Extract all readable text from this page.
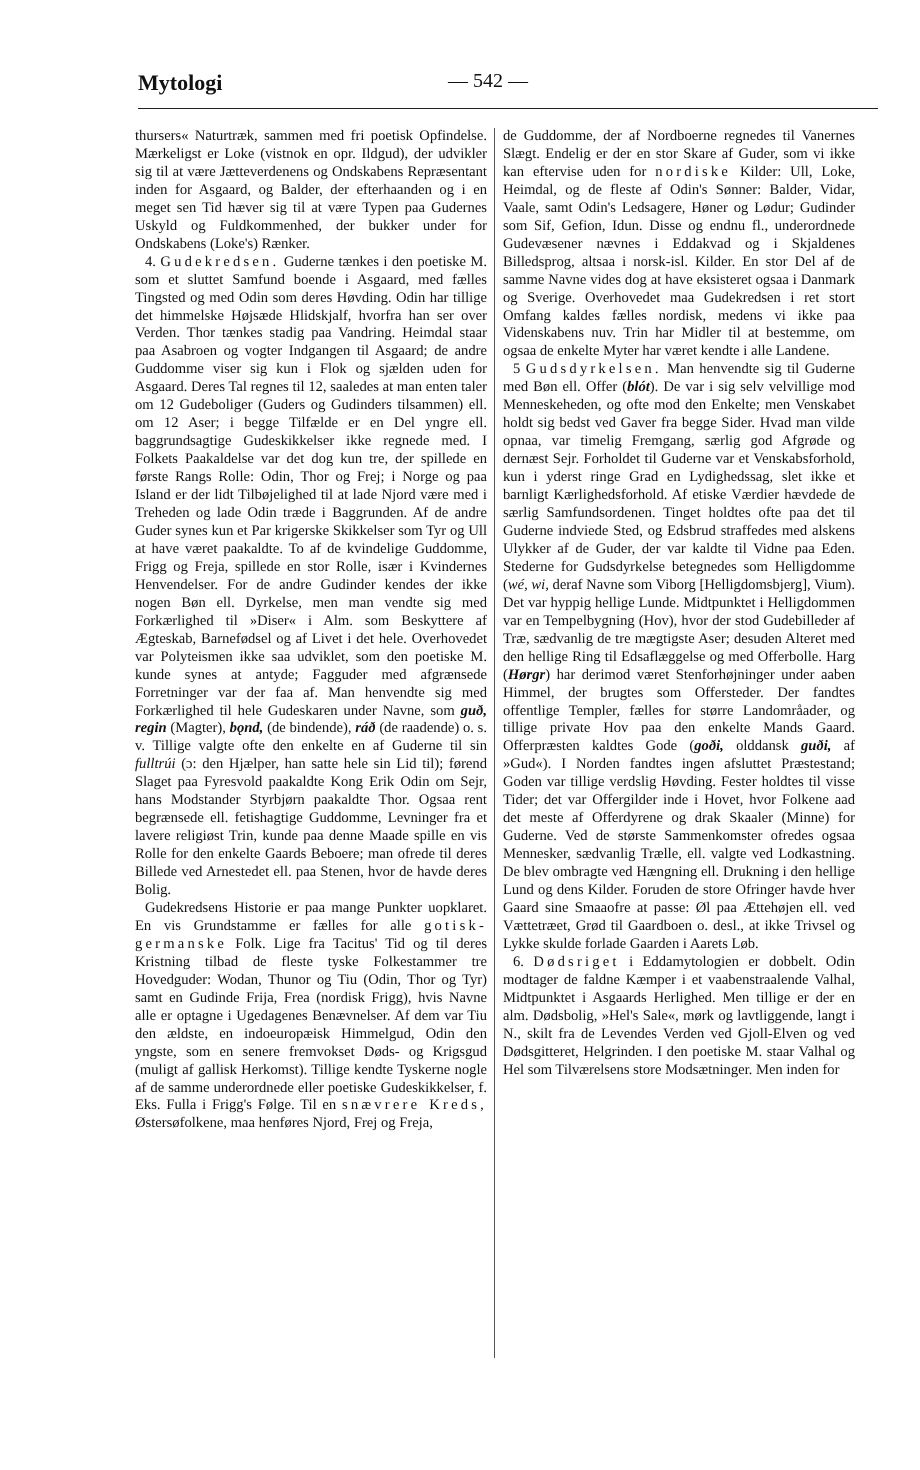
Mytologi	— 542 —

thursers« Naturtræk, sammen med fri poetisk Opfindelse. Mærkeligst er Loke (vistnok en opr. Ildgud), der udvikler sig til at være Jætteverdenens og Ondskabens Repræsentant inden for Asgaard, og Balder, der efterhaanden og i en meget sen Tid hæver sig til at være Typen paa Gudernes Uskyld og Fuldkommenhed, der bukker under for Ondskabens (Loke's) Rænker.

4. Gudekredsen. Guderne tænkes i den poetiske M. som et sluttet Samfund boende i Asgaard, med fælles Tingsted og med Odin som deres Høvding. Odin har tillige det himmelske Højsæde Hlidskjalf, hvorfra han ser over Verden. Thor tænkes stadig paa Vandring. Heimdal staar paa Asabroen og vogter Indgangen til Asgaard; de andre Guddomme viser sig kun i Flok og sjælden uden for Asgaard. Deres Tal regnes til 12, saaledes at man enten taler om 12 Gudeboliger (Guders og Gudinders tilsammen) ell. om 12 Aser; i begge Tilfælde er en Del yngre ell. baggrundsagtige Gudeskikkelser ikke regnede med. I Folkets Paakaldelse var det dog kun tre, der spillede en første Rangs Rolle: Odin, Thor og Frej; i Norge og paa Island er der lidt Tilbøjelighed til at lade Njord være med i Treheden og lade Odin træde i Baggrunden. Af de andre Guder synes kun et Par krigerske Skikkelser som Tyr og Ull at have været paakaldte. To af de kvindelige Guddomme, Frigg og Freja, spillede en stor Rolle, især i Kvindernes Henvendelser. For de andre Gudinder kendes der ikke nogen Bøn ell. Dyrkelse, men man vendte sig med Forkærlighed til »Diser« i Alm. som Beskyttere af Ægteskab, Barnefødsel og af Livet i det hele. Overhovedet var Polyteismen ikke saa udviklet, som den poetiske M. kunde synes at antyde; Fagguder med afgrænsede Forretninger var der faa af. Man henvendte sig med Forkærlighed til hele Gudeskaren under Navne, som guð, regin (Magter), bǫnd, (de bindende), ráð (de raadende) o. s. v. Tillige valgte ofte den enkelte en af Guderne til sin fulltrúi (ɔ: den Hjælper, han satte hele sin Lid til); førend Slaget paa Fyresvold paakaldte Kong Erik Odin om Sejr, hans Modstander Styrbjørn paakaldte Thor. Ogsaa rent begrænsede ell. fetishagtige Guddomme, Levninger fra et lavere religiøst Trin, kunde paa denne Maade spille en vis Rolle for den enkelte Gaards Beboere; man ofrede til deres Billede ved Arnestedet ell. paa Stenen, hvor de havde deres Bolig.

Gudekredsens Historie er paa mange Punkter uopklaret. En vis Grundstamme er fælles for alle gotisk-germanske Folk. Lige fra Tacitus' Tid og til deres Kristning tilbad de fleste tyske Folkestammer tre Hovedguder: Wodan, Thunor og Tiu (Odin, Thor og Tyr) samt en Gudinde Frija, Frea (nordisk Frigg), hvis Navne alle er optagne i Ugedagenes Benævnelser. Af dem var Tiu den ældste, en indoeuropæisk Himmelgud, Odin den yngste, som en senere fremvokset Døds- og Krigsgud (muligt af gallisk Herkomst). Tillige kendte Tyskerne nogle af de samme underordnede eller poetiske Gudeskikkelser, f. Eks. Fulla i Frigg's Følge. Til en snævrere Kreds, Østersøfolkene, maa henføres Njord, Frej og Freja,

de Guddomme, der af Nordboerne regnedes til Vanernes Slægt. Endelig er der en stor Skare af Guder, som vi ikke kan eftervise uden for nordiske Kilder: Ull, Loke, Heimdal, og de fleste af Odin's Sønner: Balder, Vidar, Vaale, samt Odin's Ledsagere, Høner og Lødur; Gudinder som Sif, Gefion, Idun. Disse og endnu fl., underordnede Gudevæsener nævnes i Eddakvad og i Skjaldenes Billedsprog, altsaa i norsk-isl. Kilder. En stor Del af de samme Navne vides dog at have eksisteret ogsaa i Danmark og Sverige. Overhovedet maa Gudekredsen i ret stort Omfang kaldes fælles nordisk, medens vi ikke paa Videnskabens nuv. Trin har Midler til at bestemme, om ogsaa de enkelte Myter har været kendte i alle Landene.

5 Gudsdyrkelsen. Man henvendte sig til Guderne med Bøn ell. Offer (blót). De var i sig selv velvillige mod Menneskeheden, og ofte mod den Enkelte; men Venskabet holdt sig bedst ved Gaver fra begge Sider. Hvad man vilde opnaa, var timelig Fremgang, særlig god Afgrøde og dernæst Sejr. Forholdet til Guderne var et Venskabsforhold, kun i yderst ringe Grad en Lydighedssag, slet ikke et barnligt Kærlighedsforhold. Af etiske Værdier hævdede de særlig Samfundsordenen. Tinget holdtes ofte paa det til Guderne indviede Sted, og Edsbrud straffedes med alskens Ulykker af de Guder, der var kaldte til Vidne paa Eden. Stederne for Gudsdyrkelse betegnedes som Helligdomme (wé, wi, deraf Navne som Viborg [Helligdomsbjerg], Vium). Det var hyppig hellige Lunde. Midtpunktet i Helligdommen var en Tempelbygning (Hov), hvor der stod Gudebilleder af Træ, sædvanlig de tre mægtigste Aser; desuden Alteret med den hellige Ring til Edsaflæggelse og med Offerbolle. Harg (Hørgr) har derimod været Stenforhøjninger under aaben Himmel, der brugtes som Offersteder. Der fandtes offentlige Templer, fælles for større Landområader, og tillige private Hov paa den enkelte Mands Gaard. Offerpræsten kaldtes Gode (goði, olddansk guði, af »Gud«). I Norden fandtes ingen afsluttet Præstestand; Goden var tillige verdslig Høvding. Fester holdtes til visse Tider; det var Offergilder inde i Hovet, hvor Folkene aad det meste af Offerdyrene og drak Skaaler (Minne) for Guderne. Ved de største Sammenkomster ofredes ogsaa Mennesker, sædvanlig Trælle, ell. valgte ved Lodkastning. De blev ombragte ved Hængning ell. Drukning i den hellige Lund og dens Kilder. Foruden de store Ofringer havde hver Gaard sine Smaaofre at passe: Øl paa Ættehøjen ell. ved Vættetræet, Grød til Gaardboen o. desl., at ikke Trivsel og Lykke skulde forlade Gaarden i Aarets Løb.

6. Dødsriget i Eddamytologien er dobbelt. Odin modtager de faldne Kæmper i et vaabenstraalende Valhal, Midtpunktet i Asgaards Herlighed. Men tillige er der en alm. Dødsbolig, »Hel's Sale«, mørk og lavtliggende, langt i N., skilt fra de Levendes Verden ved Gjoll-Elven og ved Dødsgitteret, Helgrinden. I den poetiske M. staar Valhal og Hel som Tilværelsens store Modsætninger. Men inden for
